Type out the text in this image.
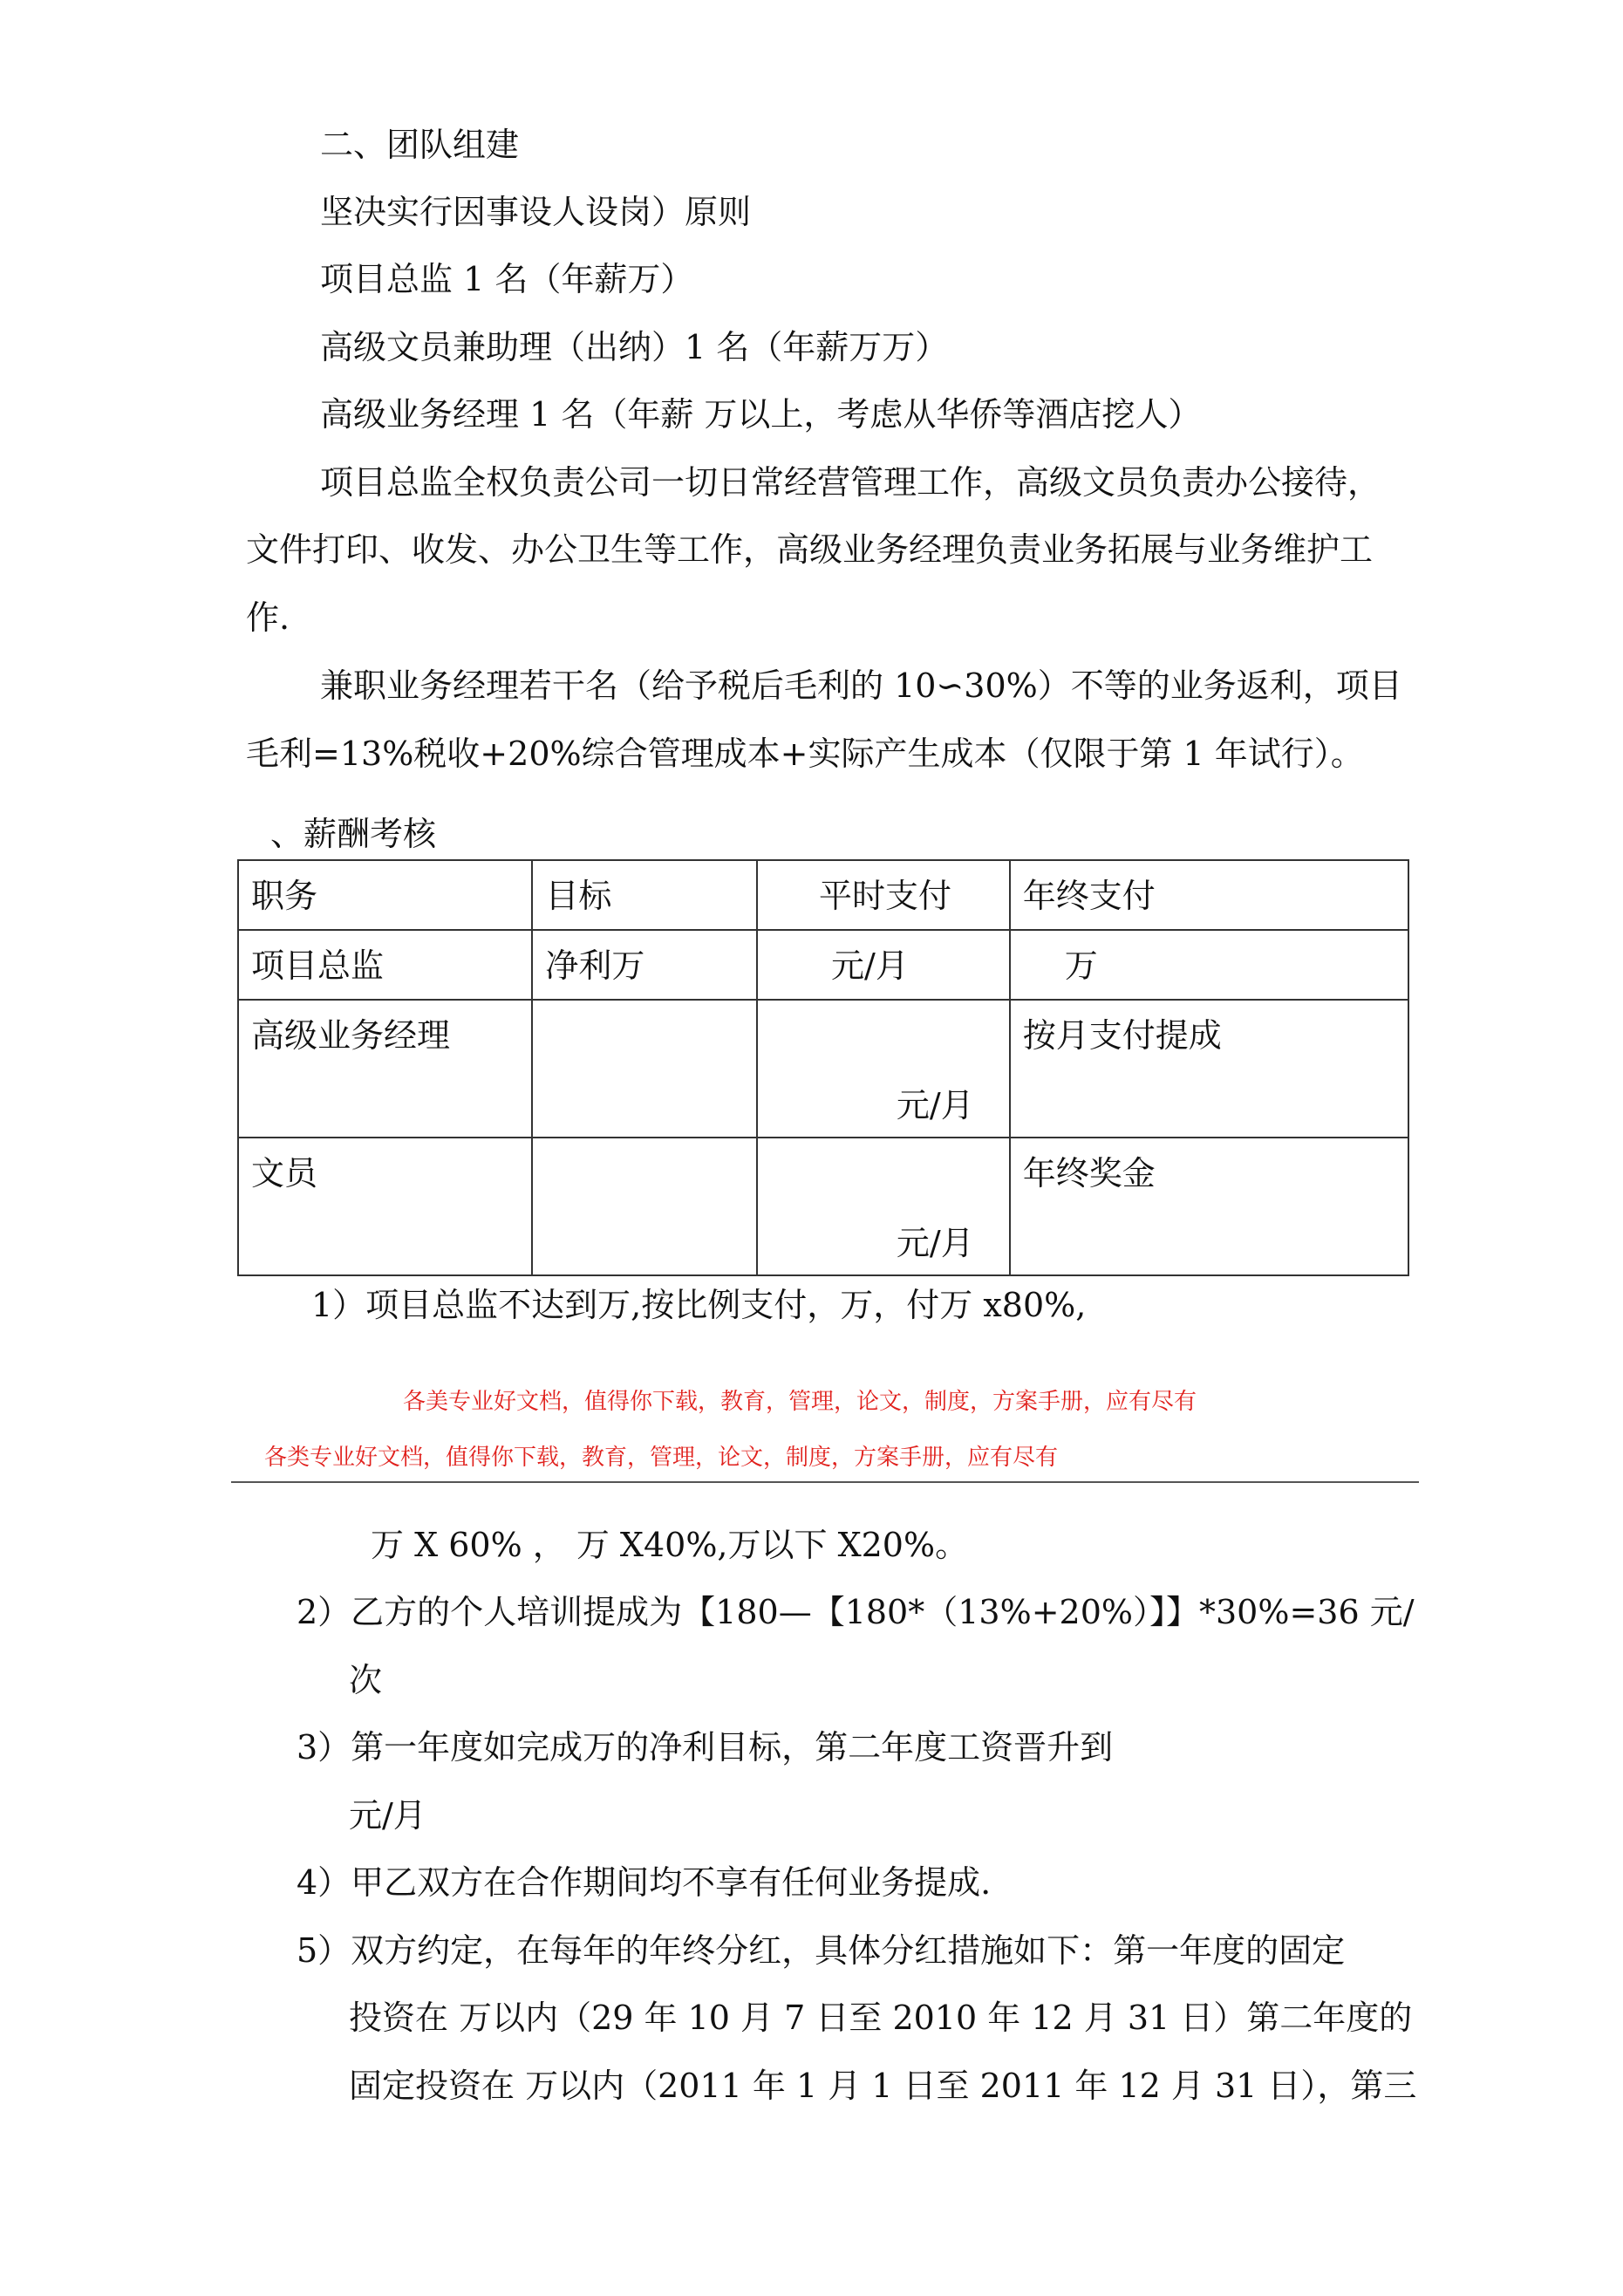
二、团队组建
坚决实行因事设人设岗）原则
项目总监 1 名（年薪万）
高级文员兼助理（出纳）1 名（年薪万万）
高级业务经理 1 名（年薪 万以上，考虑从华侨等酒店挖人）
项目总监全权负责公司一切日常经营管理工作，高级文员负责办公接待，
文件打印、收发、办公卫生等工作，高级业务经理负责业务拓展与业务维护工
作.
兼职业务经理若干名（给予税后毛利的 10∽30%）不等的业务返利，项目
毛利=13%税收+20%综合管理成本+实际产生成本（仅限于第 1 年试行）。
、薪酬考核
职务	目标	平时支付	年终支付
项目总监	净利万	元/月	万
高级业务经理		元/月	按月支付提成
文员		元/月	年终奖金
1）项目总监不达到万,按比例支付，万，付万 x80%,
各美专业好文档，值得你下载，教育，管理，论文，制度，方案手册，应有尽有
各类专业好文档，值得你下载，教育，管理，论文，制度，方案手册，应有尽有
万 X 60% ， 万 X40%,万以下 X20%。
2）乙方的个人培训提成为【180—【180*（13%+20%）】】*30%=36 元/
次
3）第一年度如完成万的净利目标，第二年度工资晋升到
元/月
4）甲乙双方在合作期间均不享有任何业务提成.
5）双方约定，在每年的年终分红，具体分红措施如下：第一年度的固定
投资在 万以内（29 年 10 月 7 日至 2010 年 12 月 31 日）第二年度的
固定投资在 万以内（2011 年 1 月 1 日至 2011 年 12 月 31 日），第三
